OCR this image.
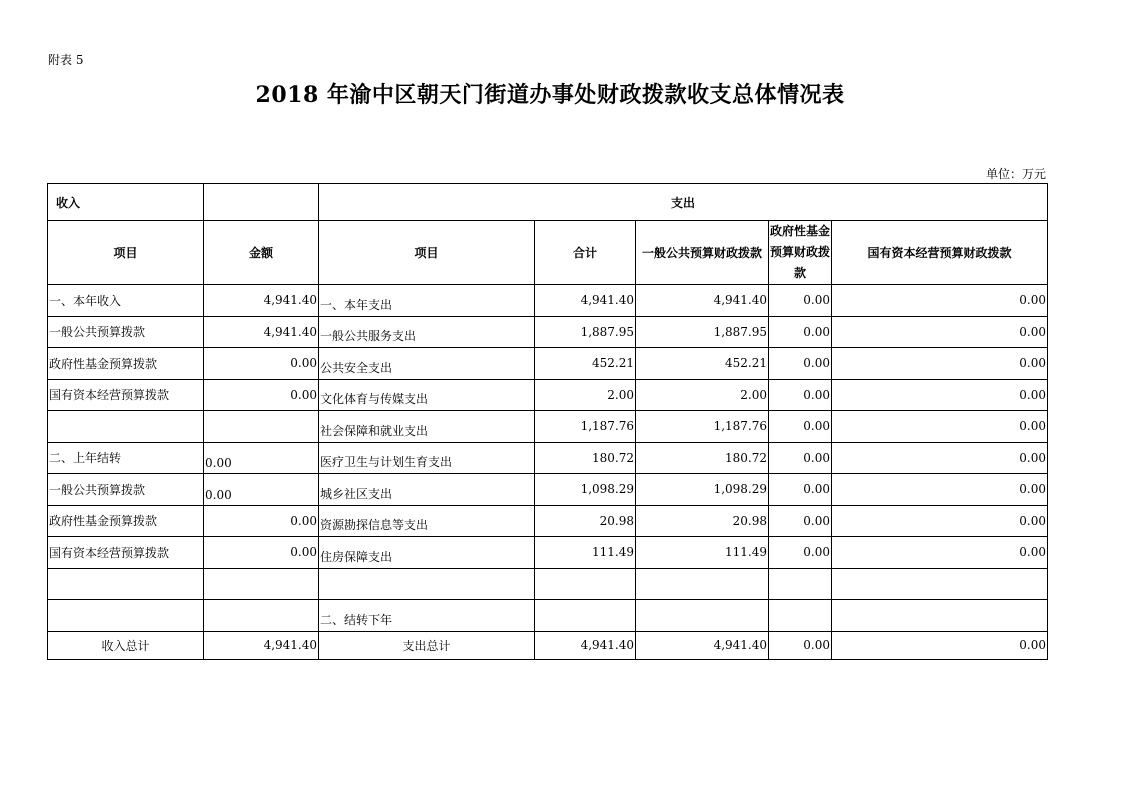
附表 5
2018 年渝中区朝天门街道办事处财政拨款收支总体情况表
单位：万元
收入		支出				
项目	金额	项目	合计	一般公共预算财政拨款	政府性基金预算财政拨款	国有资本经营预算财政拨款
一、本年收入	4,941.40	一、本年支出	4,941.40	4,941.40	0.00	0.00
一般公共预算拨款	4,941.40	一般公共服务支出	1,887.95	1,887.95	0.00	0.00
政府性基金预算拨款	0.00	公共安全支出	452.21	452.21	0.00	0.00
国有资本经营预算拨款	0.00	文化体育与传媒支出	2.00	2.00	0.00	0.00
		社会保障和就业支出	1,187.76	1,187.76	0.00	0.00
二、上年结转	0.00	医疗卫生与计划生育支出	180.72	180.72	0.00	0.00
一般公共预算拨款	0.00	城乡社区支出	1,098.29	1,098.29	0.00	0.00
政府性基金预算拨款	0.00	资源勘探信息等支出	20.98	20.98	0.00	0.00
国有资本经营预算拨款	0.00	住房保障支出	111.49	111.49	0.00	0.00

		二、结转下年				
收入总计	4,941.40	支出总计	4,941.40	4,941.40	0.00	0.00
